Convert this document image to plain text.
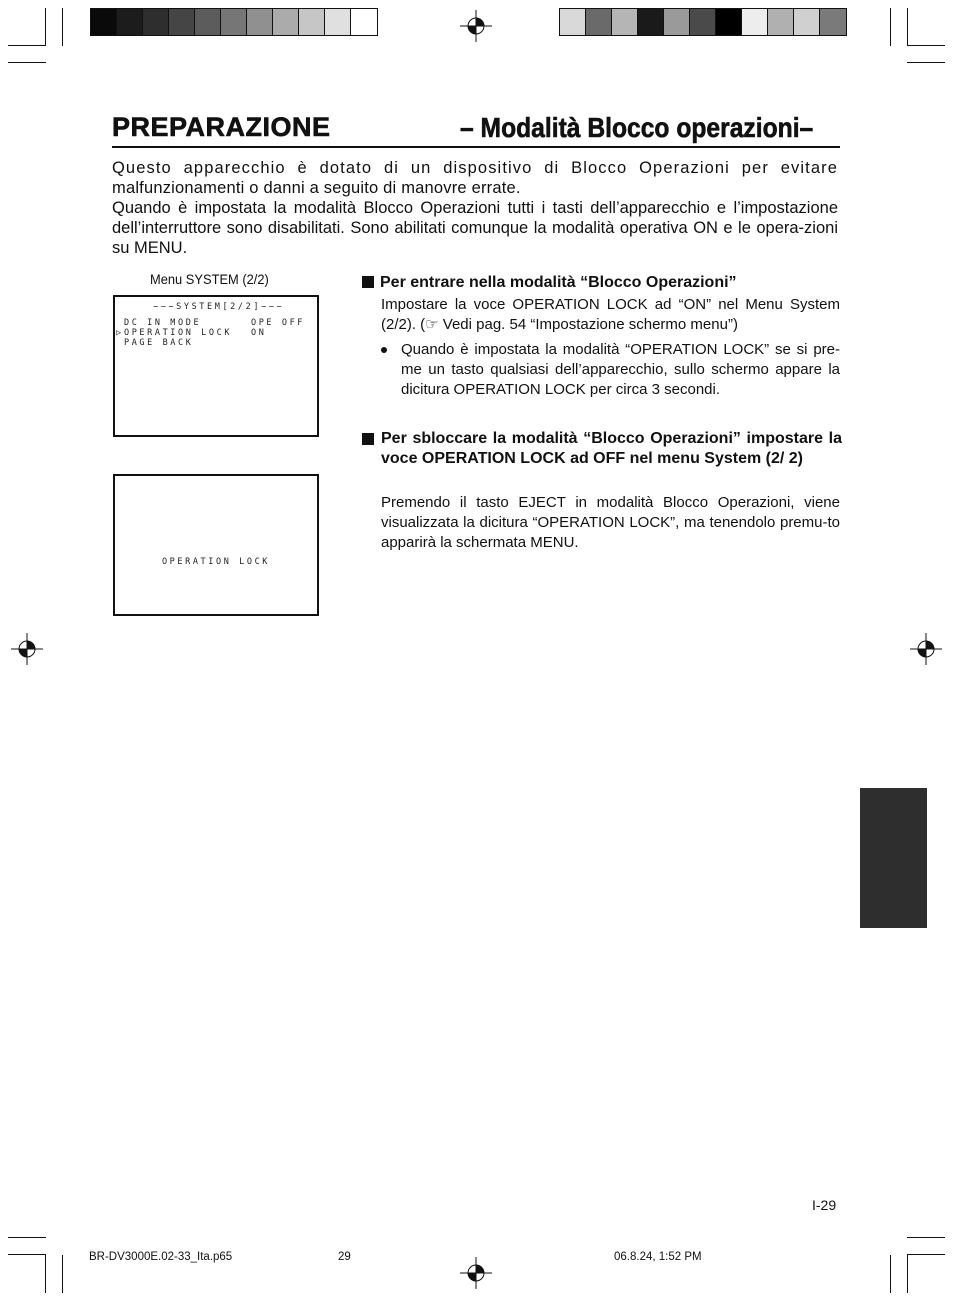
PREPARAZIONE	– Modalità Blocco operazioni–

Questo apparecchio è dotato di un dispositivo di Blocco Operazioni per evitare

malfunzionamenti o danni a seguito di manovre errate.

Quando è impostata la modalità Blocco Operazioni tutti i tasti dell’apparecchio e l’impostazione dell’interruttore sono disabilitati. Sono abilitati comunque la modalità operativa ON e le opera-zioni su MENU.

Menu SYSTEM (2/2)
−−−SYSTEM[2/2]−−−
DC IN MODE	OPE OFF
▷ OPERATION LOCK ON
PAGE BACK
OPERATION LOCK
Per entrare nella modalità “Blocco Operazioni”
Impostare la voce OPERATION LOCK ad “ON” nel Menu System (2/2). (☞ Vedi pag. 54 “Impostazione schermo menu”)
Quando è impostata la modalità “OPERATION LOCK” se si pre-me un tasto qualsiasi dell’apparecchio, sullo schermo appare la dicitura OPERATION LOCK per circa 3 secondi.
Per sbloccare la modalità “Blocco Operazioni” impostare la voce OPERATION LOCK ad OFF nel menu System (2/ 2)
Premendo il tasto EJECT in modalità Blocco Operazioni, viene visualizzata la dicitura “OPERATION LOCK”, ma tenendolo premu-to apparirà la schermata MENU.
I-29
BR-DV3000E.02-33_Ita.p65	29	06.8.24, 1:52 PM
